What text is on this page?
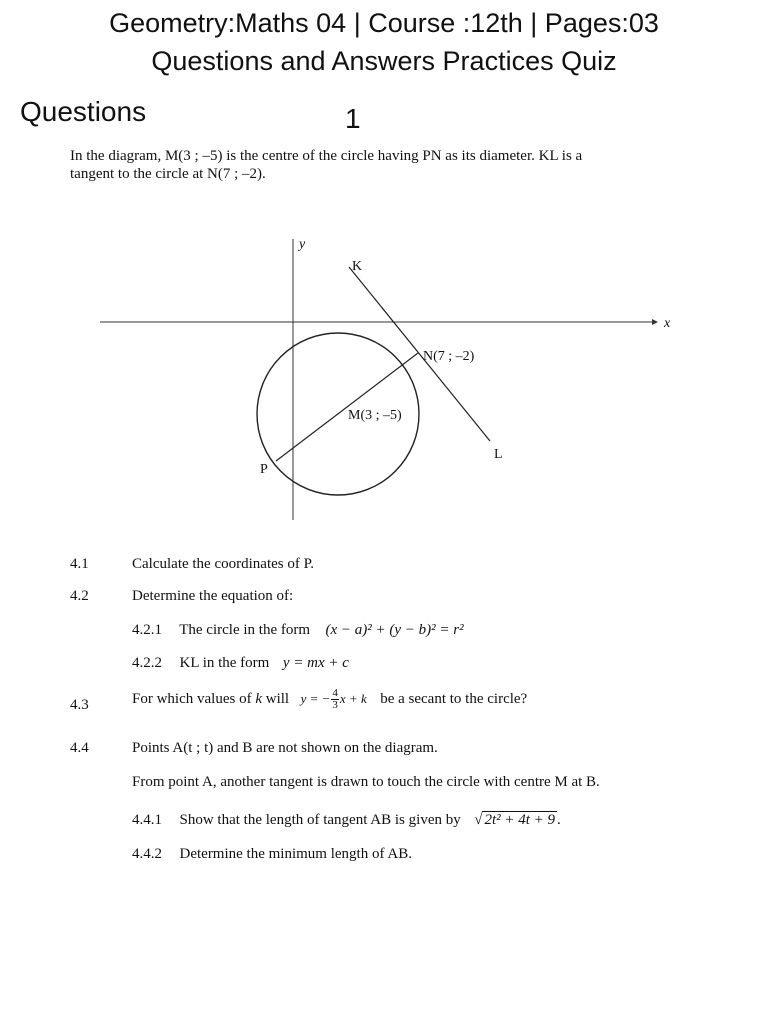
Geometry:Maths 04 | Course :12th | Pages:03
Questions and Answers Practices Quiz
Questions	1
In the diagram, M(3 ; –5) is the centre of the circle having PN as its diameter. KL is a
tangent to the circle at N(7 ; –2).
x
y
K
N(7 ; –2)
M(3 ; –5)
L
P
4.1	Calculate the coordinates of P.
4.2	Determine the equation of:
4.2.1 The circle in the form (x − a)² + (y − b)² = r²
4.2.2 KL in the form y = mx + c
4.3	For which values of k will y = − $\frac{4}{3}$ x + k be a secant to the circle?
4.4	Points A(t ; t) and B are not shown on the diagram.
From point A, another tangent is drawn to touch the circle with centre M at B.
4.4.1 Show that the length of tangent AB is given by √ 2t² + 4t + 9 .
4.4.2 Determine the minimum length of AB.
